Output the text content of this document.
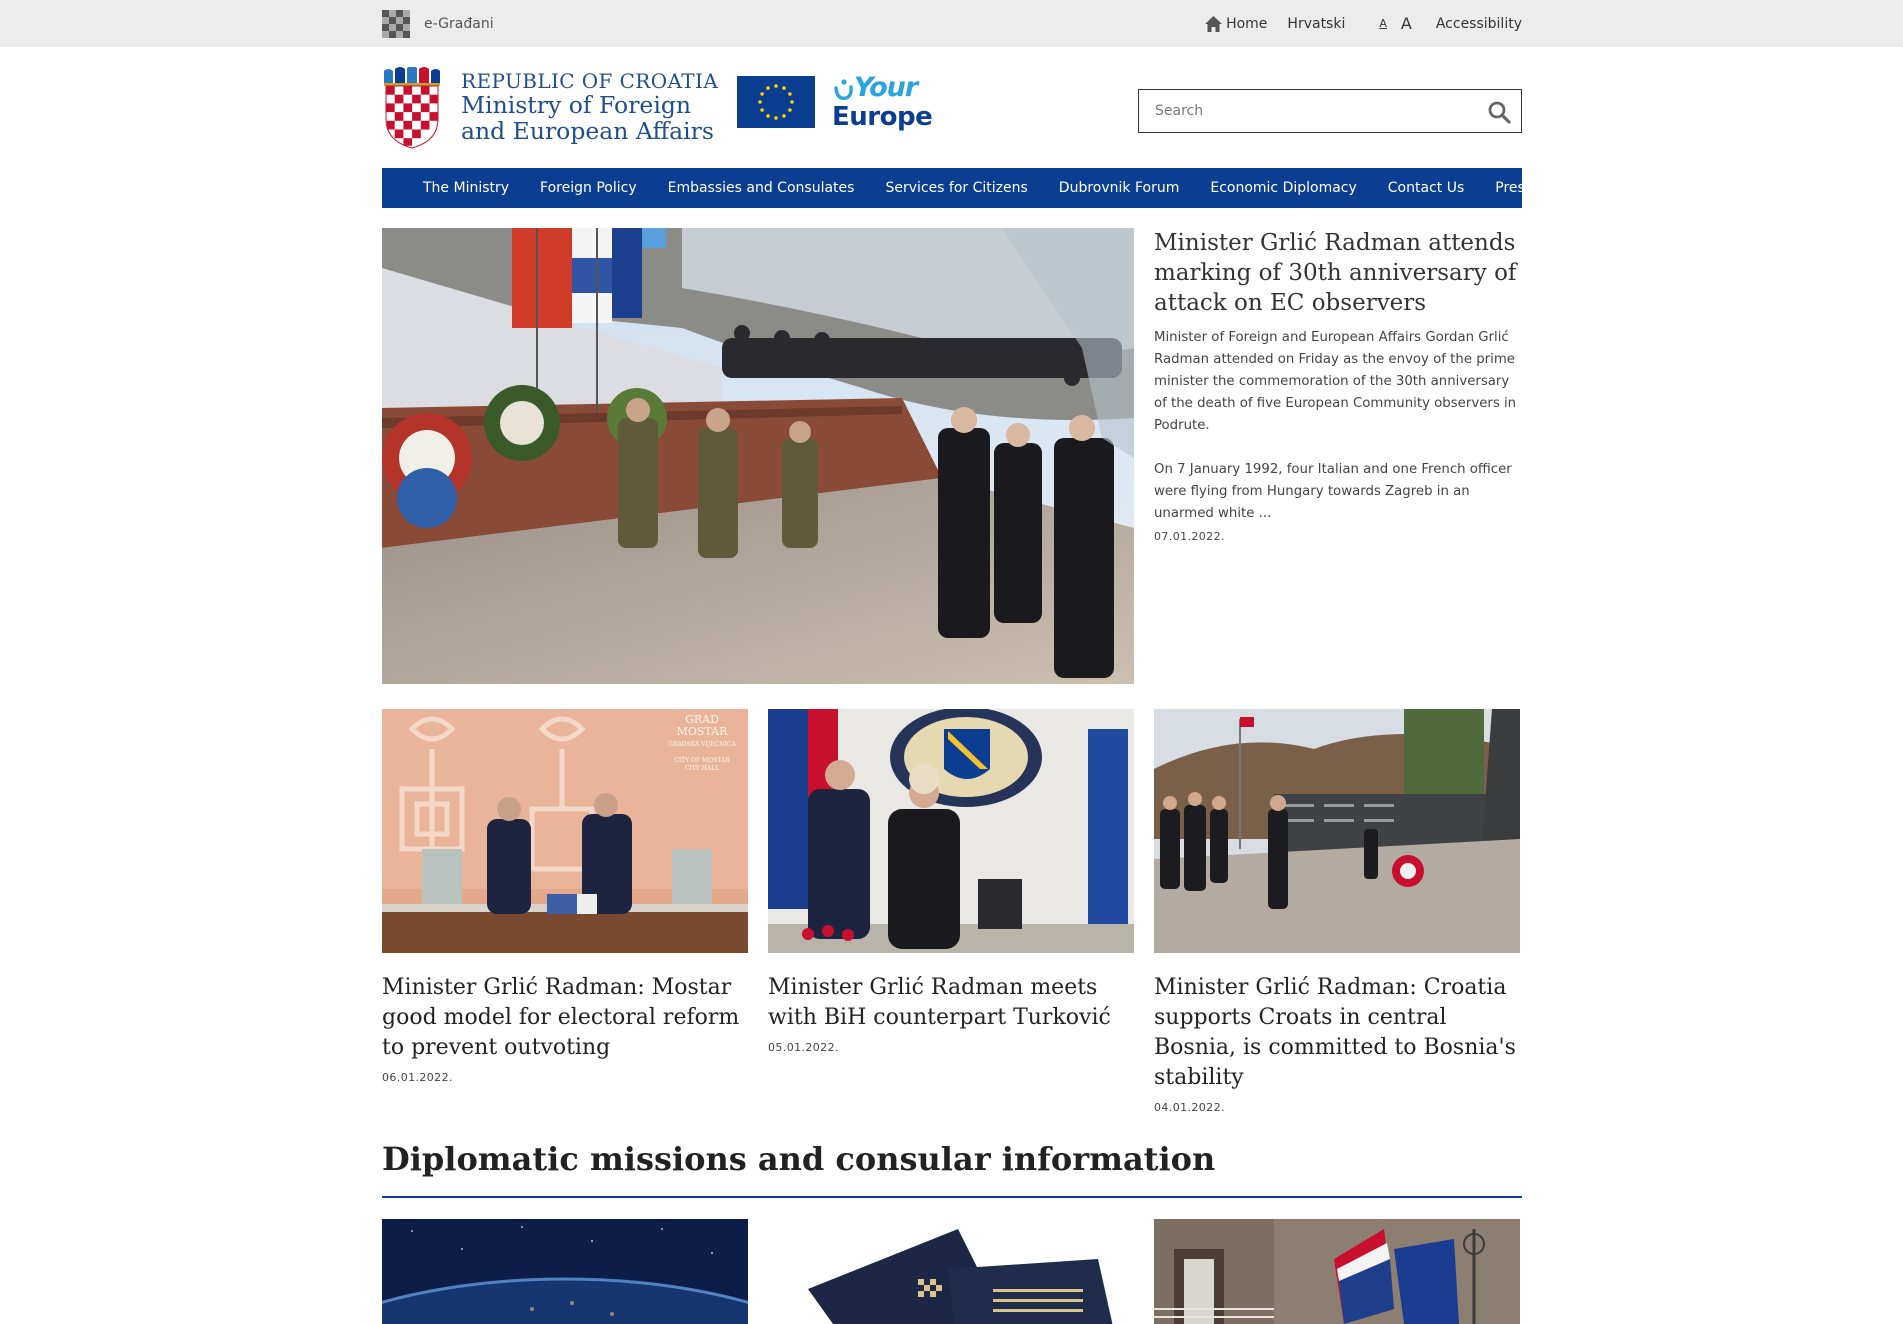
e-Građani	Home Hrvatski	A A Accessibility
REPUBLIC OF CROATIA
Ministry of Foreign
and European Affairs
Your
Europe
Search
The Ministry Foreign Policy Embassies and Consulates Services for Citizens Dubrovnik Forum Economic Diplomacy Contact Us Press
Minister Grlić Radman attends marking of 30th anniversary of attack on EC observers

Minister of Foreign and European Affairs Gordan Grlić Radman attended on Friday as the envoy of the prime minister the commemoration of the 30th anniversary of the death of five European Community observers in Podrute.

On 7 January 1992, four Italian and one French officer were flying from Hungary towards Zagreb in an unarmed white ...

07.01.2022.
GRAD
MOSTAR
GRADSKA VIJEĆNICA
CITY OF MOSTAR
CITY HALL
Minister Grlić Radman: Mostar good model for electoral reform to prevent outvoting
06.01.2022.
Minister Grlić Radman meets with BiH counterpart Turković
05.01.2022.
Minister Grlić Radman: Croatia supports Croats in central Bosnia, is committed to Bosnia's stability
04.01.2022.
Diplomatic missions and consular information
